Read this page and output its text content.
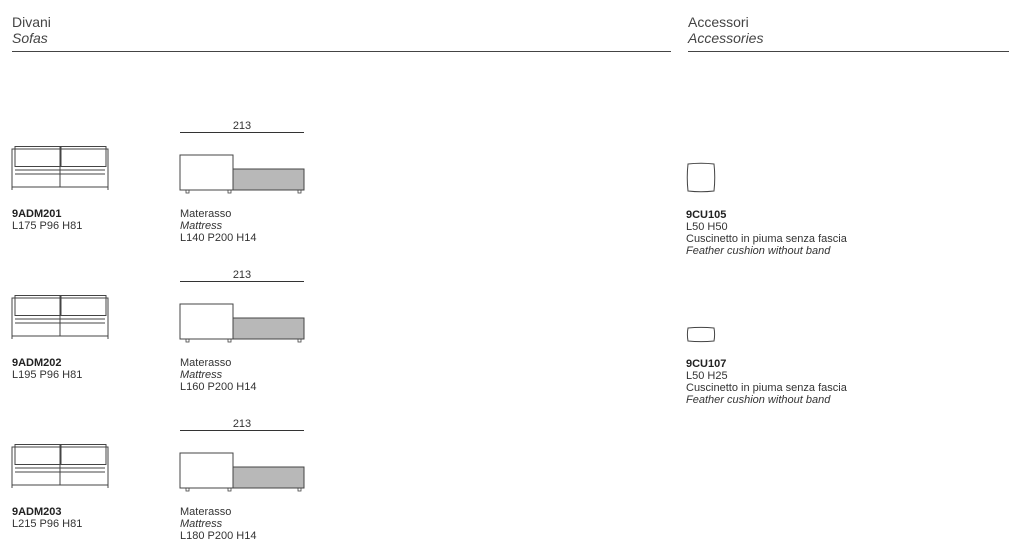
Divani
Sofas
Accessori
Accessories
9ADM201
L175 P96 H81
213
Materasso
Mattress
L140 P200 H14
9ADM202
L195 P96 H81
213
Materasso
Mattress
L160 P200 H14
9ADM203
L215 P96 H81
213
Materasso
Mattress
L180 P200 H14
9CU105
L50 H50
Cuscinetto in piuma senza fascia
Feather cushion without band
9CU107
L50 H25
Cuscinetto in piuma senza fascia
Feather cushion without band
